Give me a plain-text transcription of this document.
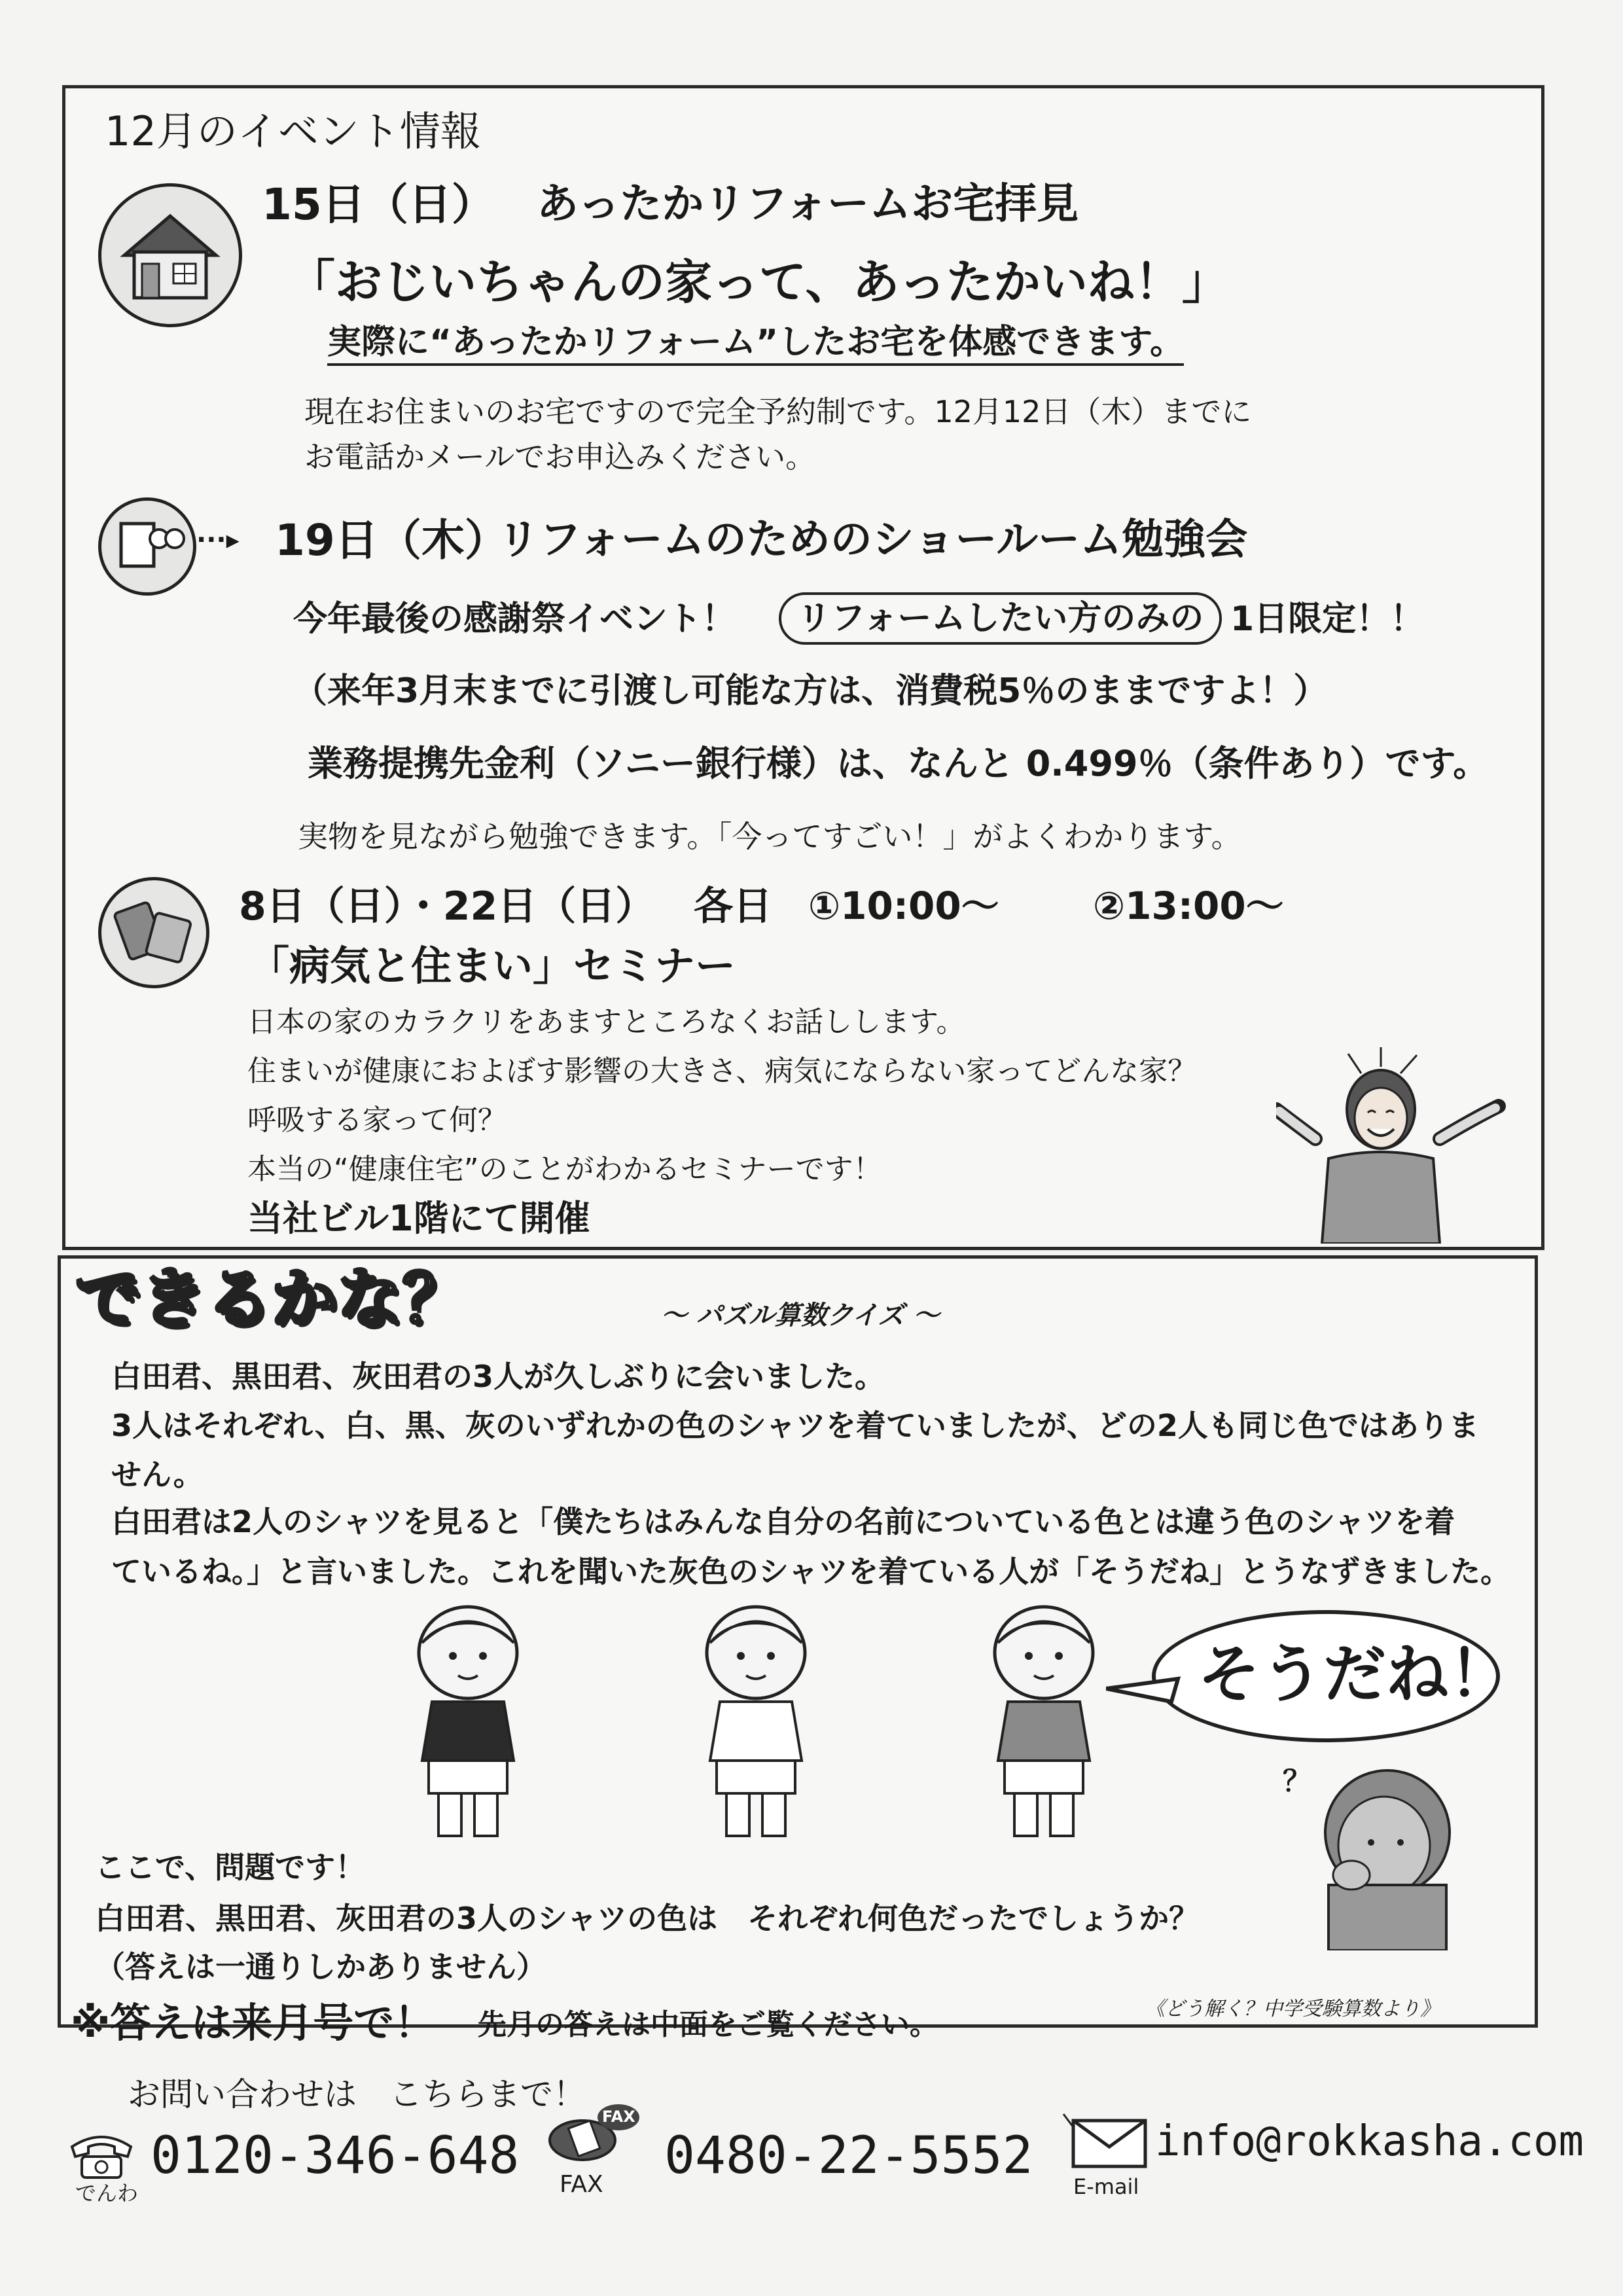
12月のイベント情報
15日（日） あったかリフォームお宅拝見
「おじいちゃんの家って、あったかいね！」
実際に“あったかリフォーム”したお宅を体感できます。
現在お住まいのお宅ですので完全予約制です。12月12日（木）までに
お電話かメールでお申込みください。
···▸ 19日（木）
リフォームのためのショールーム勉強会
今年最後の感謝祭イベント！	リフォームしたい方のみの 1日限定！！
（来年3月末までに引渡し可能な方は、消費税5％のままですよ！）
業務提携先金利（ソニー銀行様）は、なんと 0.499％（条件あり）です。
実物を見ながら勉強できます。「今ってすごい！」がよくわかります。
8日（日）・22日（日） 各日 ①10:00～ ②13:00～
「病気と住まい」セミナー
日本の家のカラクリをあますところなくお話しします。
住まいが健康におよぼす影響の大きさ、病気にならない家ってどんな家？
呼吸する家って何？
本当の“健康住宅”のことがわかるセミナーです！
当社ビル1階にて開催
できるかな？	～ パズル算数クイズ ～
白田君、黒田君、灰田君の3人が久しぶりに会いました。
3人はそれぞれ、白、黒、灰のいずれかの色のシャツを着ていましたが、どの2人も同じ色ではありま
せん。
白田君は2人のシャツを見ると「僕たちはみんな自分の名前についている色とは違う色のシャツを着
ているね。」と言いました。これを聞いた灰色のシャツを着ている人が「そうだね」とうなずきました。
そうだね！
？
ここで、問題です！
白田君、黒田君、灰田君の3人のシャツの色は　それぞれ何色だったでしょうか？
（答えは一通りしかありません）
※答えは来月号で！ 先月の答えは中面をご覧ください。	《どう解く？中学受験算数より》
お問い合わせは　こちらまで！
でんわ
0120-346-648
FAX
FAX 0480-22-5552
E-mail
info@rokkasha.com
